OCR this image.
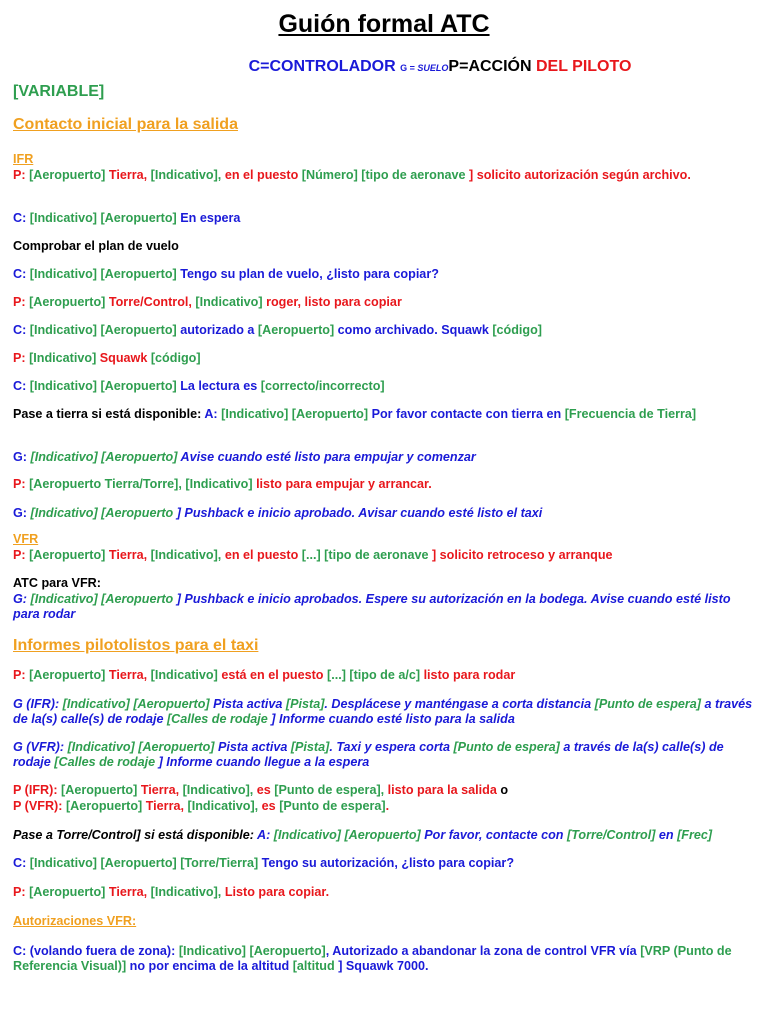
Guión formal ATC
C=CONTROLADOR G = SUELOP=ACCIÓN DEL PILOTO
[VARIABLE]
Contacto inicial para la salida
IFR
P: [Aeropuerto] Tierra, [Indicativo], en el puesto [Número] [tipo de aeronave ] solicito autorización según archivo.
C: [Indicativo] [Aeropuerto] En espera
Comprobar el plan de vuelo
C: [Indicativo] [Aeropuerto] Tengo su plan de vuelo, ¿listo para copiar?
P: [Aeropuerto] Torre/Control, [Indicativo] roger, listo para copiar
C: [Indicativo] [Aeropuerto] autorizado a [Aeropuerto] como archivado. Squawk [código]
P: [Indicativo] Squawk [código]
C: [Indicativo] [Aeropuerto] La lectura es [correcto/incorrecto]
Pase a tierra si está disponible: A: [Indicativo] [Aeropuerto] Por favor contacte con tierra en [Frecuencia de Tierra]
G: [Indicativo] [Aeropuerto] Avise cuando esté listo para empujar y comenzar
P: [Aeropuerto Tierra/Torre], [Indicativo] listo para empujar y arrancar.
G: [Indicativo] [Aeropuerto ] Pushback e inicio aprobado. Avisar cuando esté listo el taxi
VFR
P: [Aeropuerto] Tierra, [Indicativo], en el puesto [...] [tipo de aeronave ] solicito retroceso y arranque
ATC para VFR:
G: [Indicativo] [Aeropuerto ] Pushback e inicio aprobados. Espere su autorización en la bodega. Avise cuando esté listo para rodar
Informes pilotolistos para el taxi
P: [Aeropuerto] Tierra, [Indicativo] está en el puesto [...] [tipo de a/c] listo para rodar
G (IFR): [Indicativo] [Aeropuerto] Pista activa [Pista]. Desplácese y manténgase a corta distancia [Punto de espera] a través de la(s) calle(s) de rodaje [Calles de rodaje ] Informe cuando esté listo para la salida
G (VFR): [Indicativo] [Aeropuerto] Pista activa [Pista]. Taxi y espera corta [Punto de espera] a través de la(s) calle(s) de rodaje [Calles de rodaje ] Informe cuando llegue a la espera
P (IFR): [Aeropuerto] Tierra, [Indicativo], es [Punto de espera], listo para la salida o
P (VFR): [Aeropuerto] Tierra, [Indicativo], es [Punto de espera].
Pase a Torre/Control] si está disponible: A: [Indicativo] [Aeropuerto] Por favor, contacte con [Torre/Control] en [Frec]
C: [Indicativo] [Aeropuerto] [Torre/Tierra] Tengo su autorización, ¿listo para copiar?
P: [Aeropuerto] Tierra, [Indicativo], Listo para copiar.
Autorizaciones VFR:
C: (volando fuera de zona): [Indicativo] [Aeropuerto], Autorizado a abandonar la zona de control VFR vía [VRP (Punto de Referencia Visual)] no por encima de la altitud [altitud ] Squawk 7000.
